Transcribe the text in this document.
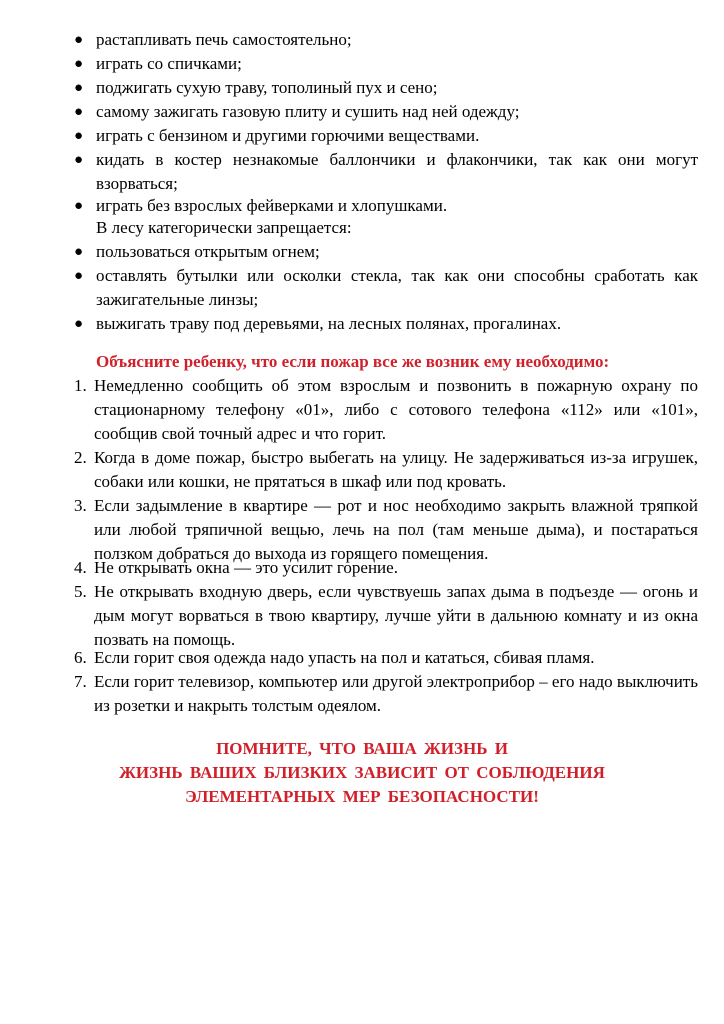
● растапливать печь самостоятельно;
● играть со спичками;
● поджигать сухую траву, тополиный пух и сено;
● самому зажигать газовую плиту и сушить над ней одежду;
● играть с бензином и другими горючими веществами.
● кидать в костер незнакомые баллончики и флакончики, так как они могут взорваться;
● играть без взрослых фейверками и хлопушками.
В лесу категорически запрещается:
● пользоваться открытым огнем;
● оставлять бутылки или осколки стекла, так как они способны сработать как зажигательные линзы;
● выжигать траву под деревьями, на лесных полянах, прогалинах.
Объясните ребенку, что если пожар все же возник ему необходимо:
1. Немедленно сообщить об этом взрослым и позвонить в пожарную охрану по стационарному телефону «01», либо с сотового телефона «112» или «101», сообщив свой точный адрес и что горит.
2. Когда в доме пожар, быстро выбегать на улицу. Не задерживаться из-за игрушек, собаки или кошки, не прятаться в шкаф или под кровать.
3. Если задымление в квартире — рот и нос необходимо закрыть влажной тряпкой или любой тряпичной вещью, лечь на пол (там меньше дыма), и постараться ползком добраться до выхода из горящего помещения.
4. Не открывать окна — это усилит горение.
5. Не открывать входную дверь, если чувствуешь запах дыма в подъезде — огонь и дым могут ворваться в твою квартиру, лучше уйти в дальнюю комнату и из окна позвать на помощь.
6. Если горит своя одежда надо упасть на пол и кататься, сбивая пламя.
7. Если горит телевизор, компьютер или другой электроприбор – его надо выключить из розетки и накрыть толстым одеялом.
ПОМНИТЕ, ЧТО ВАША ЖИЗНЬ И
ЖИЗНЬ ВАШИХ БЛИЗКИХ ЗАВИСИТ ОТ СОБЛЮДЕНИЯ
ЭЛЕМЕНТАРНЫХ МЕР БЕЗОПАСНОСТИ!
